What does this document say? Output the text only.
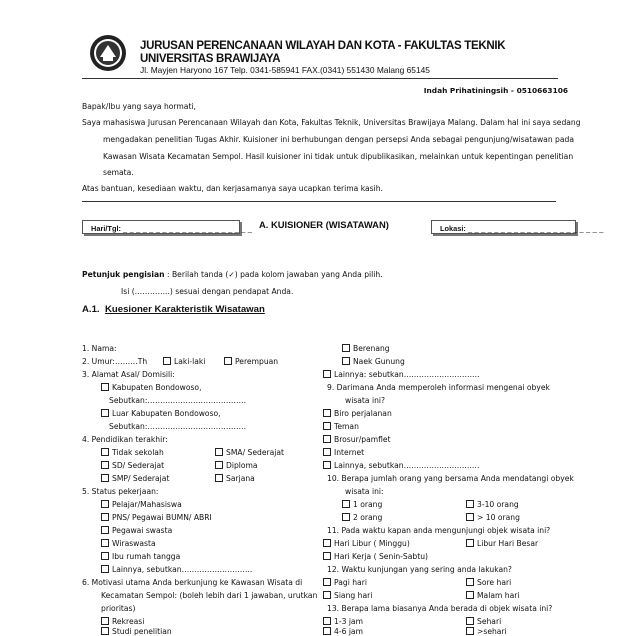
JURUSAN PERENCANAAN WILAYAH DAN KOTA - FAKULTAS TEKNIK
UNIVERSITAS BRAWIJAYA
Jl. Mayjen Haryono 167 Telp. 0341-585941 FAX.(0341) 551430 Malang 65145
Indah Prihatiningsih - 0510663106
Bapak/Ibu yang saya hormati,
Saya mahasiswa Jurusan Perencanaan Wilayah dan Kota, Fakultas Teknik, Universitas Brawijaya Malang. Dalam hal ini saya sedang
mengadakan penelitian Tugas Akhir. Kuisioner ini berhubungan dengan persepsi Anda sebagai pengunjung/wisatawan pada
Kawasan Wisata Kecamatan Sempol. Hasil kuisioner ini tidak untuk dipublikasikan, melainkan untuk kepentingan penelitian
semata.
Atas bantuan, kesediaan waktu, dan kerjasamanya saya ucapkan terima kasih.
Hari/Tgl: _ _ _ _ _ _ _ _ _ _ _ _ _ _ _ _ _ _ _ _ A. KUISIONER (WISATAWAN)	Lokasi: _ _ _ _ _ _ _ _ _ _ _ _ _ _ _ _ _ _ _ _ _
Petunjuk pengisian : Berilah tanda (✓) pada kolom jawaban yang Anda pilih.
Isi (…………..) sesuai dengan pendapat Anda.
A.1. Kuesioner Karakteristik Wisatawan
1. Nama:
2. Umur:………Th	Laki-laki	Perempuan
3. Alamat Asal/ Domisili:
Kabupaten Bondowoso,
Sebutkan:…………………………………
Luar Kabupaten Bondowoso,
Sebutkan:…………………………………
4. Pendidikan terakhir:
Tidak sekolah	SMA/ Sederajat
SD/ Sederajat	Diploma
SMP/ Sederajat	Sarjana
5. Status pekerjaan:
Pelajar/Mahasiswa
PNS/ Pegawai BUMN/ ABRI
Pegawai swasta
Wiraswasta
Ibu rumah tangga
Lainnya, sebutkan……………………….
6. Motivasi utama Anda berkunjung ke Kawasan Wisata di
Kecamatan Sempol: (boleh lebih dari 1 jawaban, urutkan
prioritas)
Rekreasi
Studi penelitian
Berenang
Naek Gunung
Lainnya: sebutkan…………………………
9. Darimana Anda memperoleh informasi mengenai obyek
wisata ini?
Biro perjalanan
Teman
Brosur/pamflet
Internet
Lainnya, sebutkan…………………………
10. Berapa jumlah orang yang bersama Anda mendatangi obyek
wisata ini:
1 orang	3-10 orang
2 orang	> 10 orang
11. Pada waktu kapan anda mengunjungi objek wisata ini?
Hari Libur ( Minggu)	Libur Hari Besar
Hari Kerja ( Senin-Sabtu)
12. Waktu kunjungan yang sering anda lakukan?
Pagi hari	Sore hari
Siang hari	Malam hari
13. Berapa lama biasanya Anda berada di objek wisata ini?
1-3 jam	Sehari
4-6 jam	>sehari
